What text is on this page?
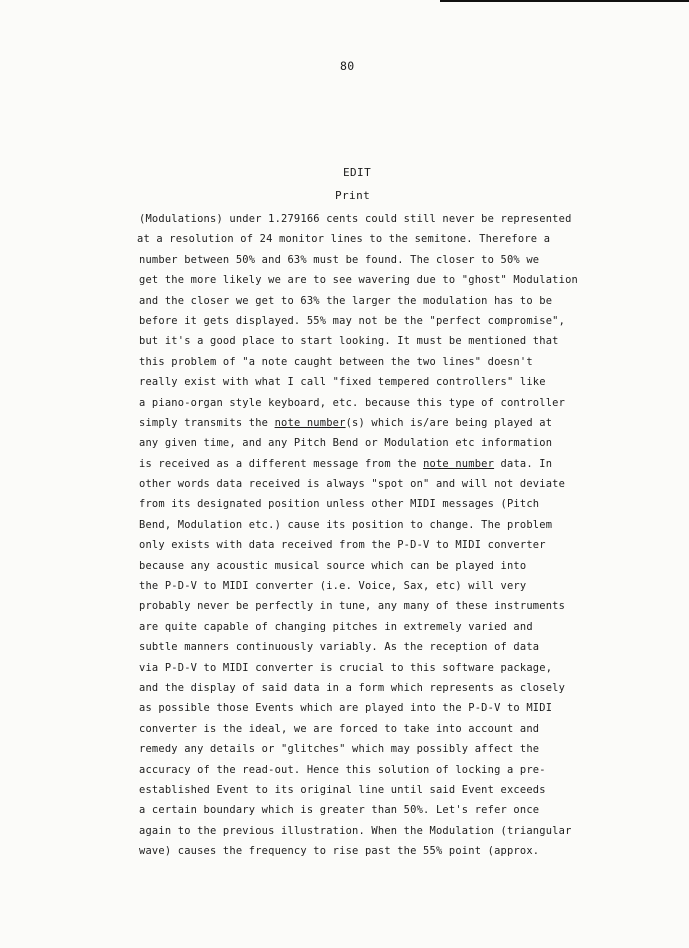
80
EDIT
Print
(Modulations) under 1.279166 cents could still never be represented
at a resolution of 24 monitor lines to the semitone. Therefore a
number between 50% and 63% must be found. The closer to 50% we
get the more likely we are to see wavering due to "ghost" Modulation
and the closer we get to 63% the larger the modulation has to be
before it gets displayed. 55% may not be the "perfect compromise",
but it's a good place to start looking. It must be mentioned that
this problem of "a note caught between the two lines" doesn't
really exist with what I call "fixed tempered controllers" like
a piano-organ style keyboard, etc. because this type of controller
simply transmits the note number(s) which is/are being played at
any given time, and any Pitch Bend or Modulation etc information
is received as a different message from the note number data. In
other words data received is always "spot on" and will not deviate
from its designated position unless other MIDI messages (Pitch
Bend, Modulation etc.) cause its position to change. The problem
only exists with data received from the P-D-V to MIDI converter
because any acoustic musical source which can be played into
the P-D-V to MIDI converter (i.e. Voice, Sax, etc) will very
probably never be perfectly in tune, any many of these instruments
are quite capable of changing pitches in extremely varied and
subtle manners continuously variably. As the reception of data
via P-D-V to MIDI converter is crucial to this software package,
and the display of said data in a form which represents as closely
as possible those Events which are played into the P-D-V to MIDI
converter is the ideal, we are forced to take into account and
remedy any details or "glitches" which may possibly affect the
accuracy of the read-out. Hence this solution of locking a pre-
established Event to its original line until said Event exceeds
a certain boundary which is greater than 50%. Let's refer once
again to the previous illustration. When the Modulation (triangular
wave) causes the frequency to rise past the 55% point (approx.
